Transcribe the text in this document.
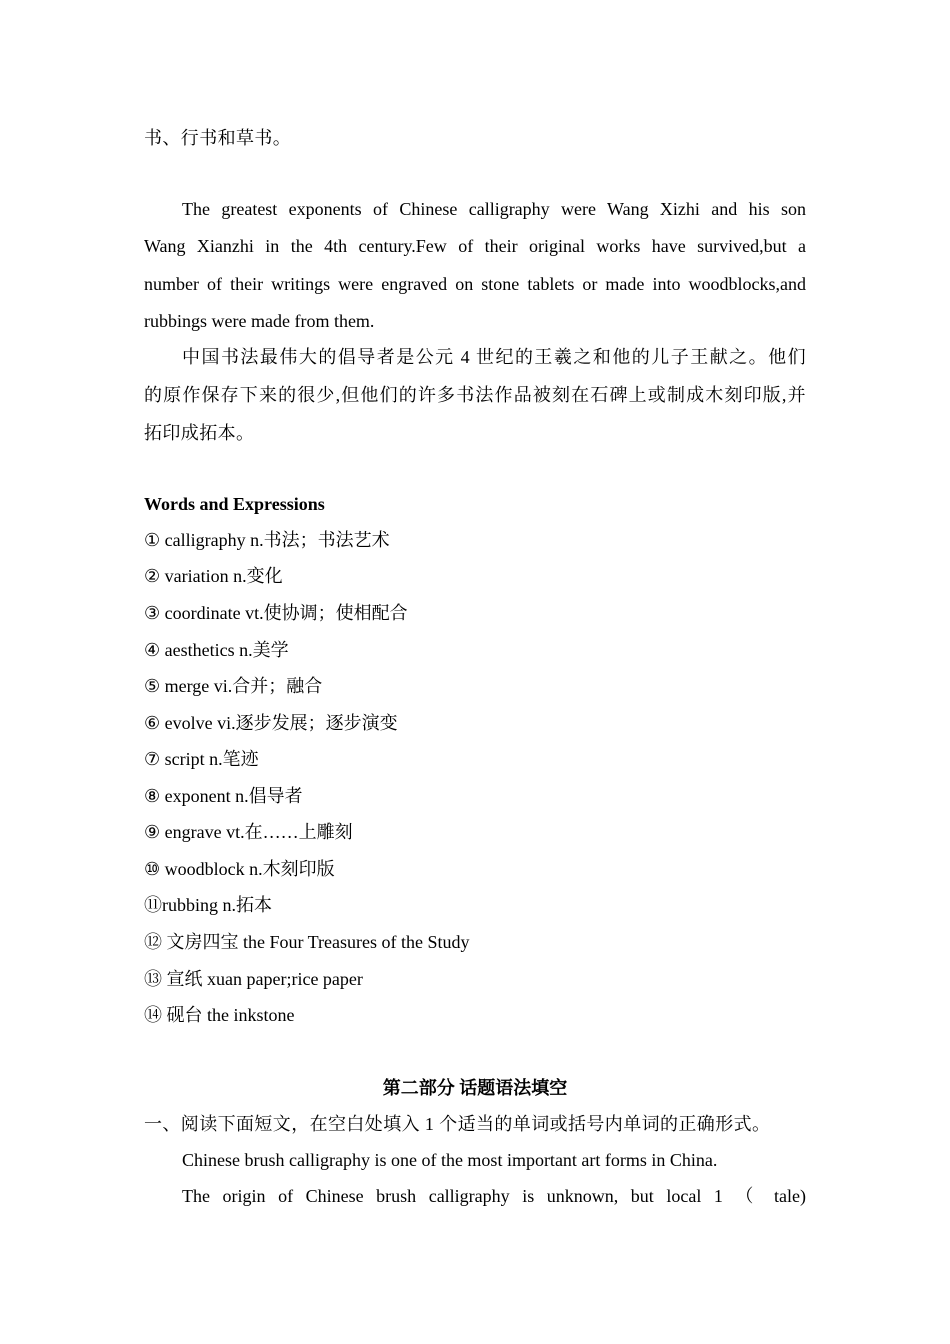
书、行书和草书。
The greatest exponents of Chinese calligraphy were Wang Xizhi and his son
Wang Xianzhi in the 4th century.Few of their original works have survived,but a
number of their writings were engraved on stone tablets or made into woodblocks,and
rubbings were made from them.
中国书法最伟大的倡导者是公元 4 世纪的王羲之和他的儿子王献之。他们
的原作保存下来的很少,但他们的许多书法作品被刻在石碑上或制成木刻印版,并
拓印成拓本。
Words and Expressions
① calligraphy n.书法；书法艺术
② variation n.变化
③ coordinate vt.使协调；使相配合
④ aesthetics n.美学
⑤ merge vi.合并；融合
⑥ evolve vi.逐步发展；逐步演变
⑦ script n.笔迹
⑧ exponent n.倡导者
⑨ engrave vt.在……上雕刻
⑩ woodblock n.木刻印版
⑪rubbing n.拓本
⑫ 文房四宝 the Four Treasures of the Study
⑬ 宣纸 xuan paper;rice paper
⑭ 砚台 the inkstone
第二部分 话题语法填空
一、阅读下面短文，在空白处填入 1 个适当的单词或括号内单词的正确形式。
Chinese brush calligraphy is one of the most important art forms in China.
The origin of Chinese brush calligraphy is unknown, but local 1 （ tale)
